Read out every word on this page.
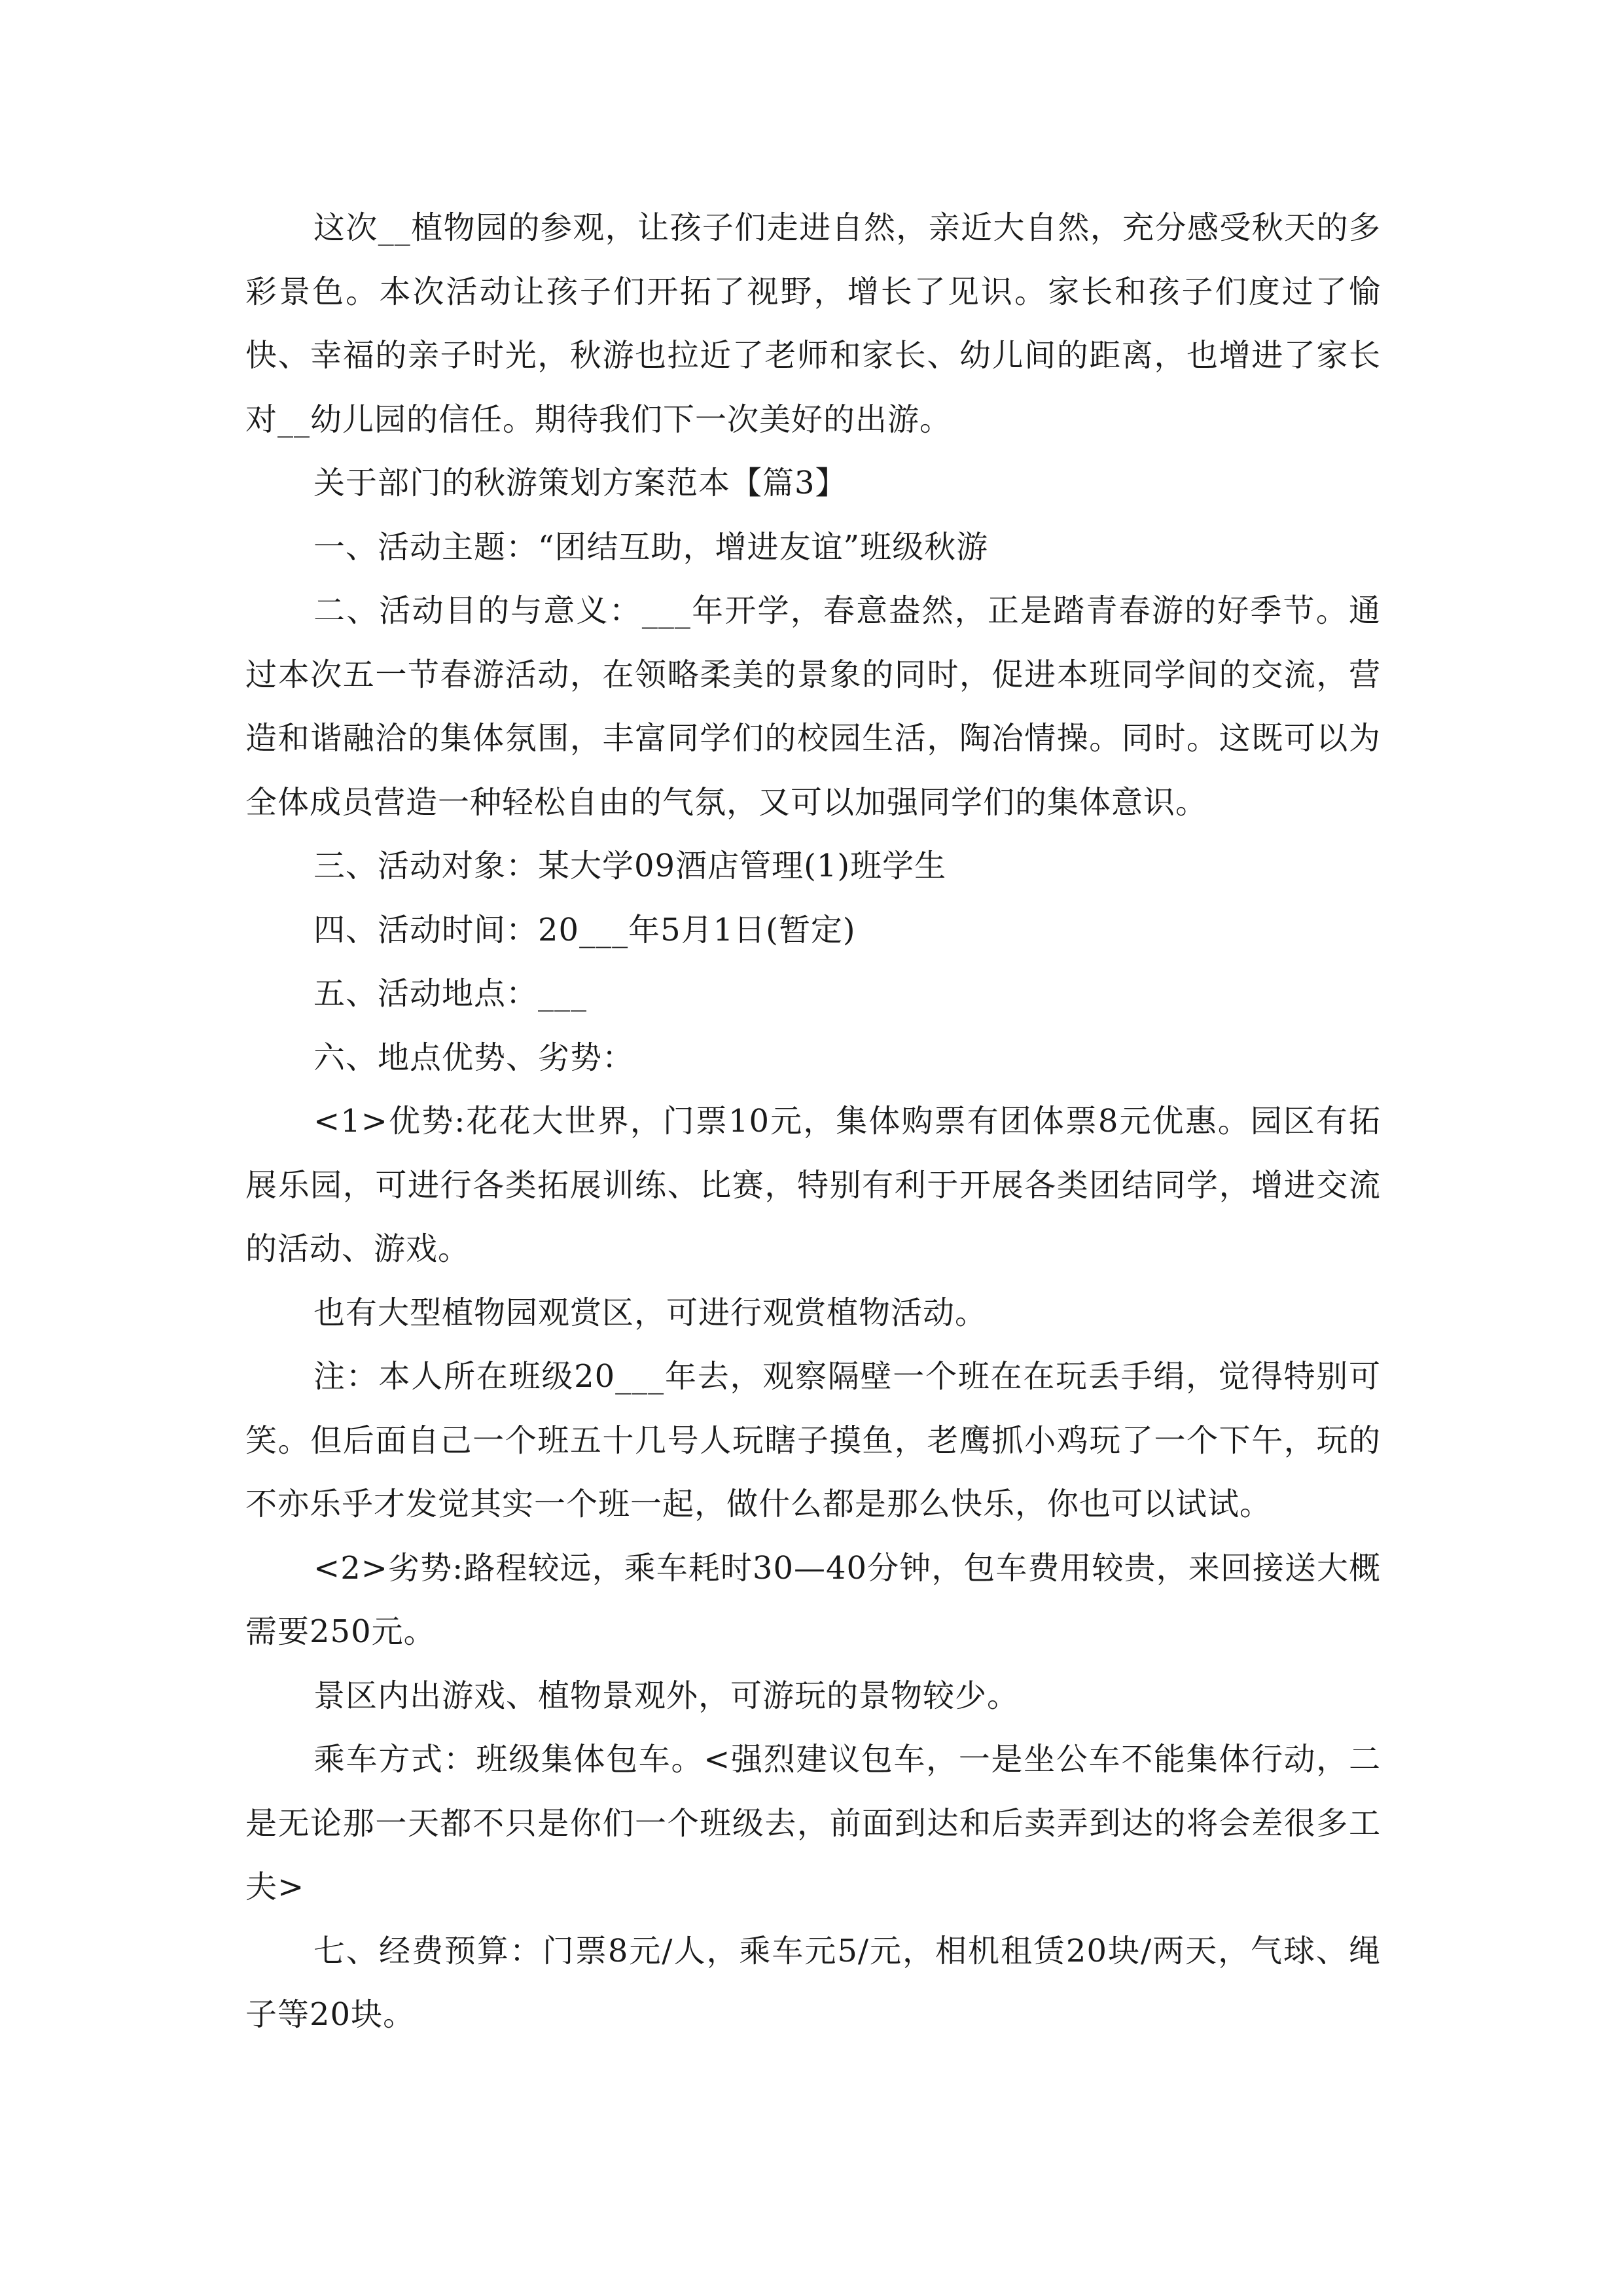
这次__植物园的参观，让孩子们走进自然，亲近大自然，充分感受秋天的多彩景色。本次活动让孩子们开拓了视野，增长了见识。家长和孩子们度过了愉快、幸福的亲子时光，秋游也拉近了老师和家长、幼儿间的距离，也增进了家长对__幼儿园的信任。期待我们下一次美好的出游。

关于部门的秋游策划方案范本【篇3】

一、活动主题：“团结互助，增进友谊”班级秋游

二、活动目的与意义：___年开学，春意盎然，正是踏青春游的好季节。通过本次五一节春游活动，在领略柔美的景象的同时，促进本班同学间的交流，营造和谐融洽的集体氛围，丰富同学们的校园生活，陶冶情操。同时。这既可以为全体成员营造一种轻松自由的气氛，又可以加强同学们的集体意识。

三、活动对象：某大学09酒店管理(1)班学生

四、活动时间：20___年5月1日(暂定)

五、活动地点：___

六、地点优势、劣势：

<1>优势:花花大世界，门票10元，集体购票有团体票8元优惠。园区有拓展乐园，可进行各类拓展训练、比赛，特别有利于开展各类团结同学，增进交流的活动、游戏。

也有大型植物园观赏区，可进行观赏植物活动。

注：本人所在班级20___年去，观察隔壁一个班在在玩丢手绢，觉得特别可笑。但后面自己一个班五十几号人玩瞎子摸鱼，老鹰抓小鸡玩了一个下午，玩的不亦乐乎才发觉其实一个班一起，做什么都是那么快乐，你也可以试试。

<2>劣势:路程较远，乘车耗时30—40分钟，包车费用较贵，来回接送大概需要250元。

景区内出游戏、植物景观外，可游玩的景物较少。

乘车方式：班级集体包车。<强烈建议包车，一是坐公车不能集体行动，二是无论那一天都不只是你们一个班级去，前面到达和后卖弄到达的将会差很多工夫>

七、经费预算：门票8元/人，乘车元5/元，相机租赁20块/两天，气球、绳子等20块。
